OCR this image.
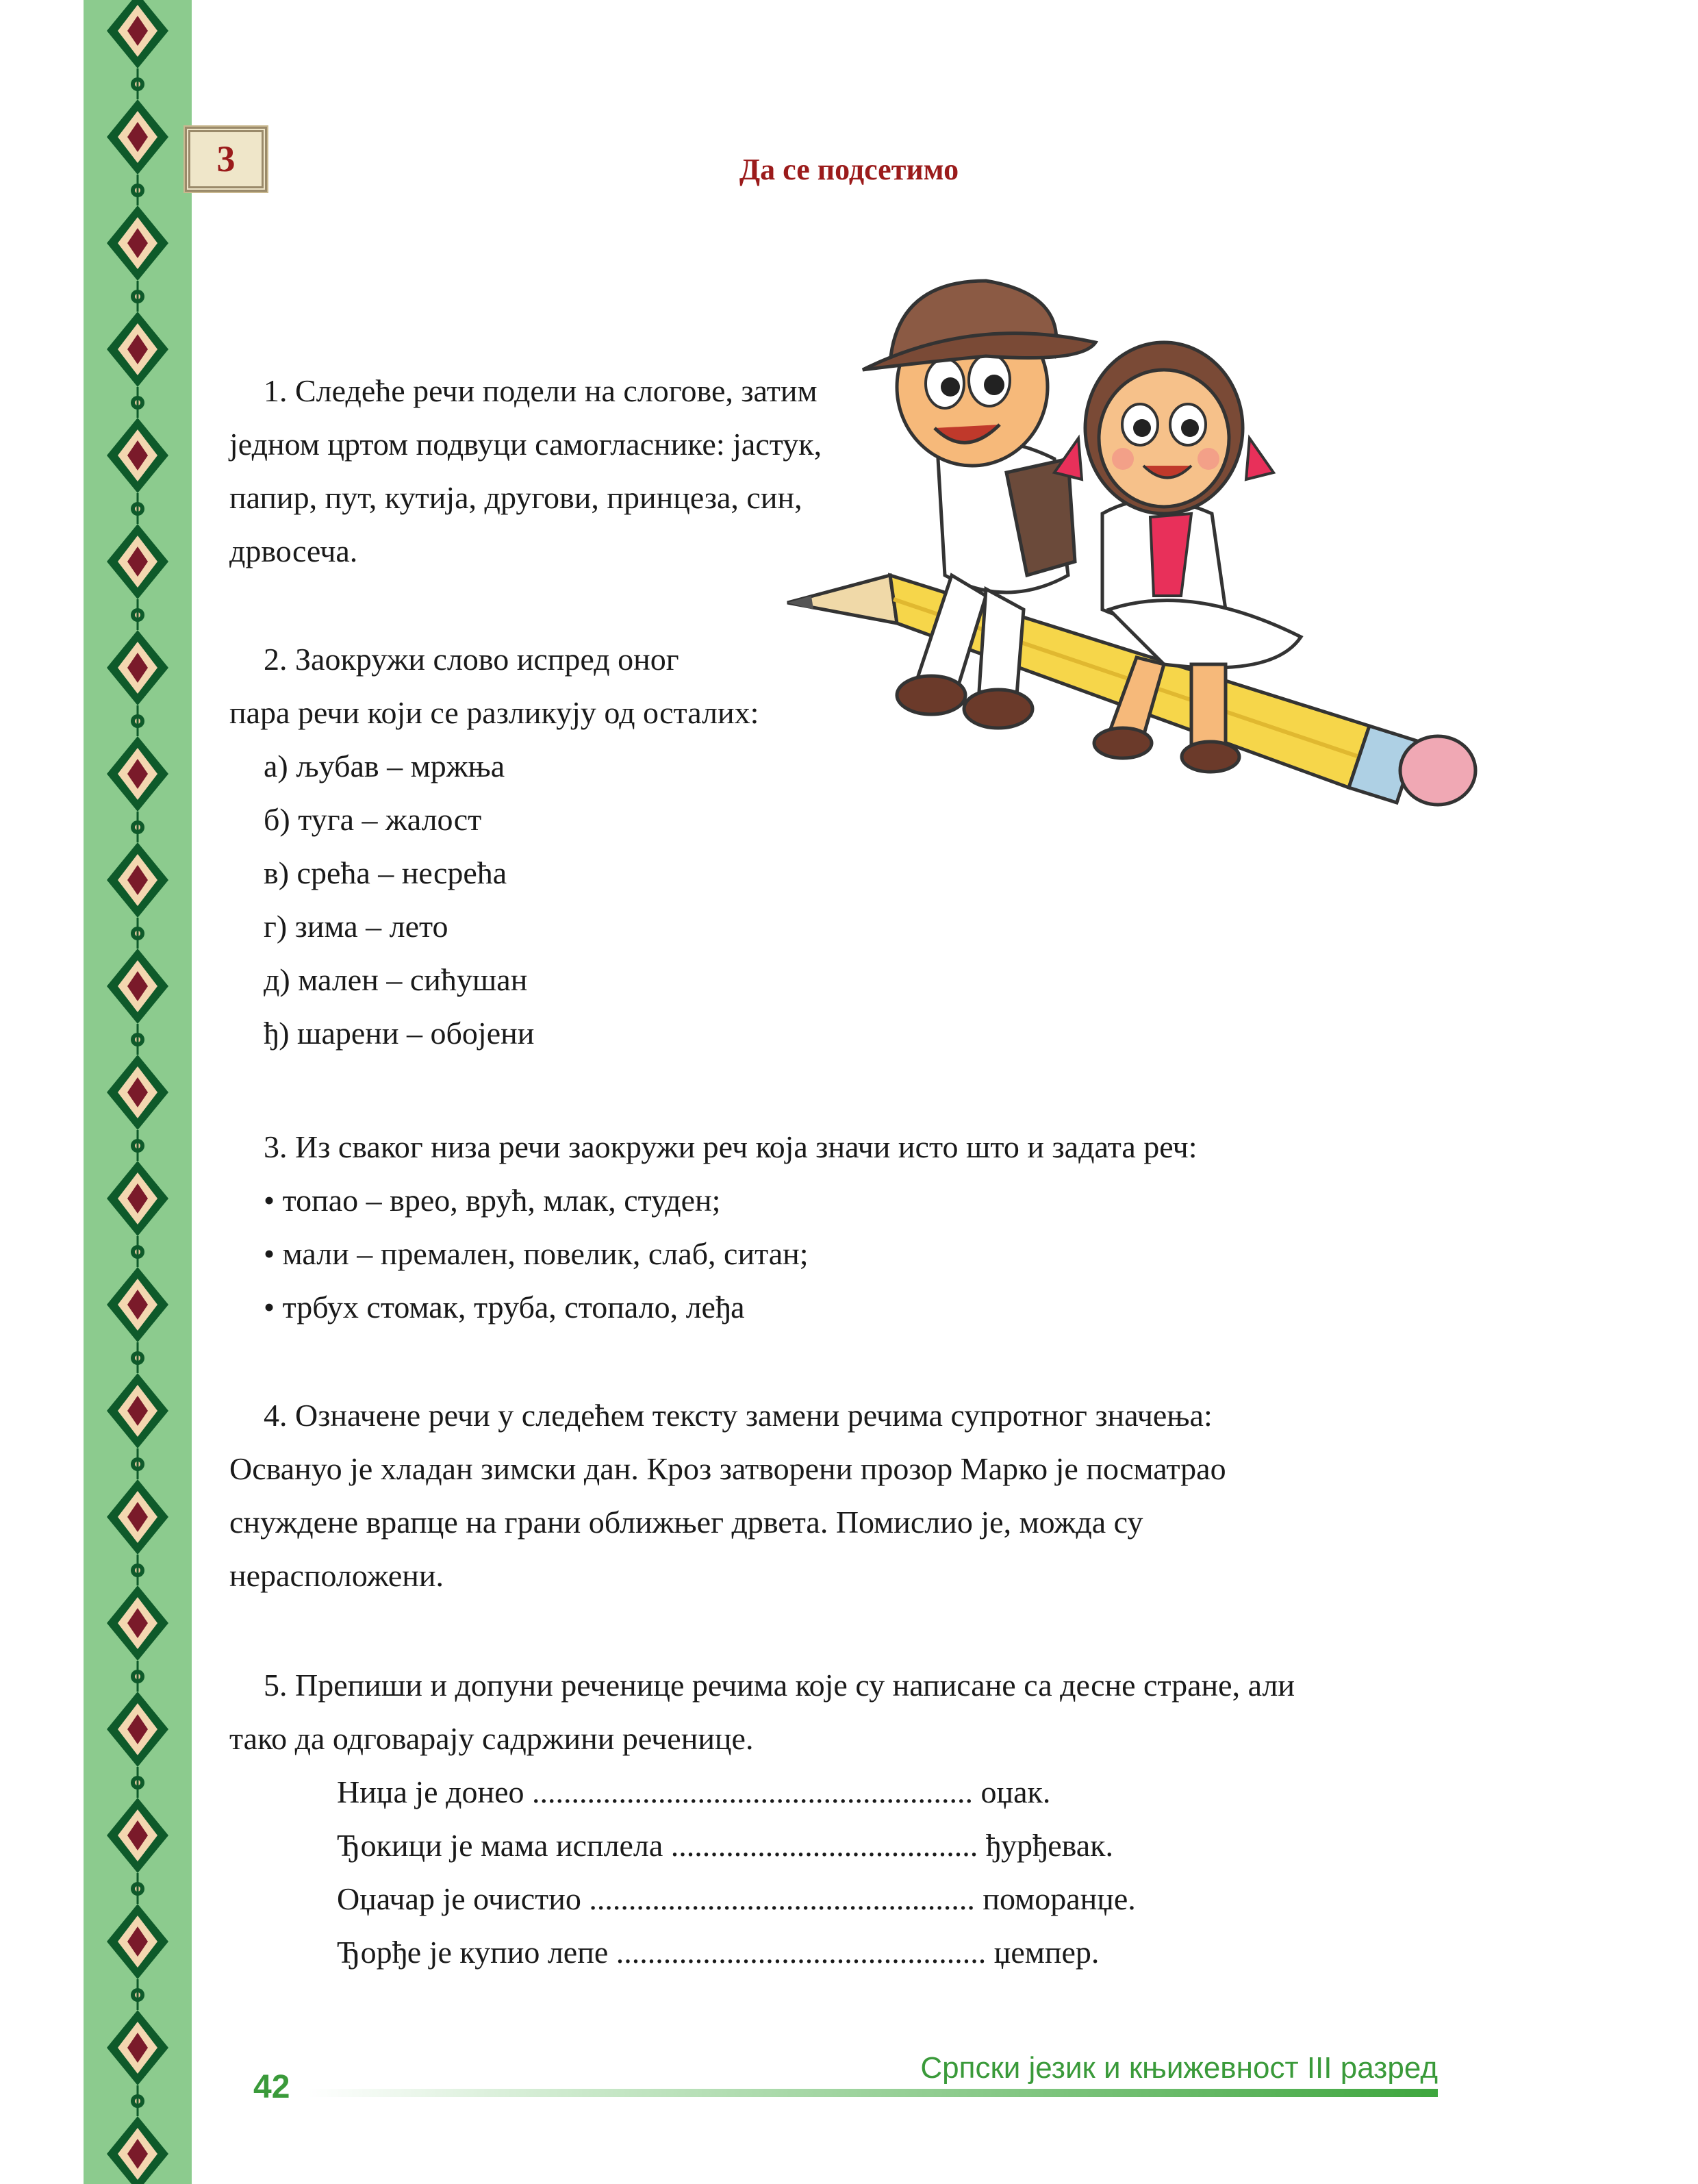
3	Да се подсетимо
1. Следеће речи подели на слогове, затим
једном цртом подвуци самогласнике: јастук,
папир, пут, кутија, другови, принцеза, син,
дрвосеча.
2. Заокружи слово испред оног
пара речи који се разликују од осталих:
а) љубав – мржња
б) туга – жалост
в) срећа – несрећа
г) зима – лето
д) мален – сићушан
ђ) шарени – обојени
3. Из сваког низа речи заокружи реч која значи исто што и задата реч:
• топао – врео, врућ, млак, студен;
• мали – премален, повелик, слаб, ситан;
• трбух стомак, труба, стопало, леђа
4. Означене речи у следећем тексту замени речима супротног значења:
Освануо је хладан зимски дан. Кроз затворени прозор Марко је посматрао
снуждене врапце на грани оближњег дрвета. Помислио је, можда су
нерасположени.
5. Препиши и допуни реченице речима које су написане са десне стране, али
тако да одговарају садржини реченице.
Ниџа је донео ........................................................ оџак.
Ђокици је мама исплела ....................................... ђурђевак.
Оџачар је очистио ................................................. поморанџе.
Ђорђе је купио лепе ............................................... џемпер.
42
Српски језик и књижевност III разред
